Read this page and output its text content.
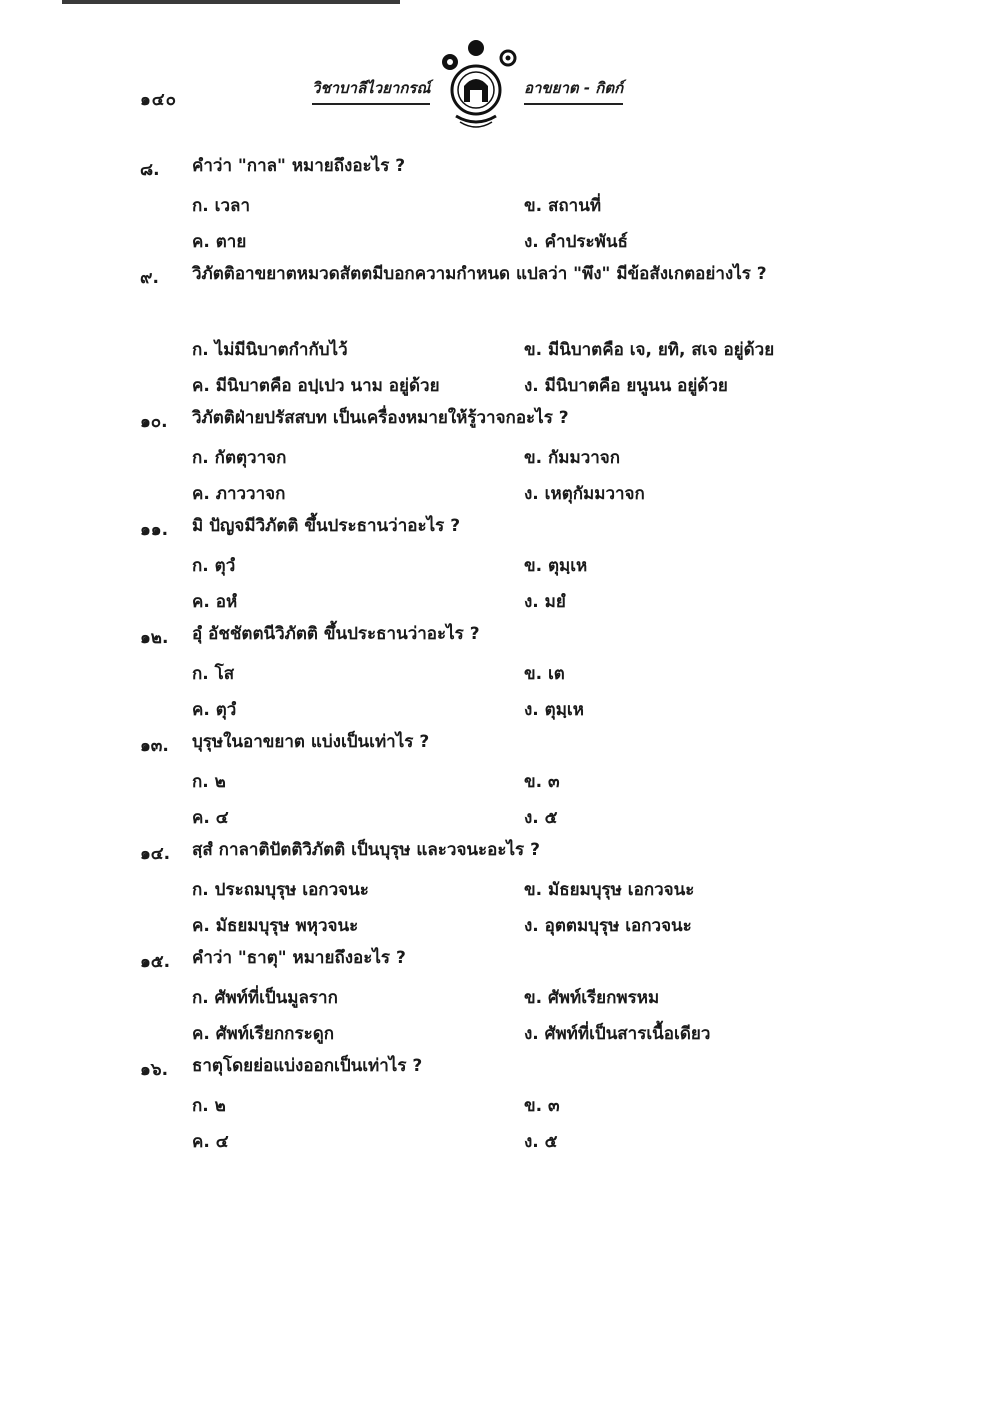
๑๔๐
วิชาบาลีไวยากรณ์	อาขยาต - กิตก์
๘. คำว่า "กาล" หมายถึงอะไร ?
ก. เวลา	ข. สถานที่
ค. ตาย	ง. คำประพันธ์
๙. วิภัตติอาขยาตหมวดสัตตมีบอกความกำหนด แปลว่า "พึง" มีข้อสังเกตอย่างไร ?
ก. ไม่มีนิบาตกำกับไว้	ข. มีนิบาตคือ เจ, ยทิ, สเจ อยู่ด้วย
ค. มีนิบาตคือ อปฺเปว นาม อยู่ด้วย	ง. มีนิบาตคือ ยนูนน อยู่ด้วย
๑๐. วิภัตติฝ่ายปรัสสบท เป็นเครื่องหมายให้รู้วาจกอะไร ?
ก. กัตตุวาจก	ข. กัมมวาจก
ค. ภาววาจก	ง. เหตุกัมมวาจก
๑๑. มิ ปัญจมีวิภัตติ ขึ้นประธานว่าอะไร ?
ก. ตุวํ	ข. ตุมฺเห
ค. อหํ	ง. มยํ
๑๒. อุํ อัชชัตตนีวิภัตติ ขึ้นประธานว่าอะไร ?
ก. โส	ข. เต
ค. ตุวํ	ง. ตุมฺเห
๑๓. บุรุษในอาขยาต แบ่งเป็นเท่าไร ?
ก. ๒	ข. ๓
ค. ๔	ง. ๕
๑๔. สฺสํ กาลาติปัตติวิภัตติ เป็นบุรุษ และวจนะอะไร ?
ก. ประถมบุรุษ เอกวจนะ	ข. มัธยมบุรุษ เอกวจนะ
ค. มัธยมบุรุษ พหุวจนะ	ง. อุตตมบุรุษ เอกวจนะ
๑๕. คำว่า "ธาตุ" หมายถึงอะไร ?
ก. ศัพท์ที่เป็นมูลราก	ข. ศัพท์เรียกพรหม
ค. ศัพท์เรียกกระดูก	ง. ศัพท์ที่เป็นสารเนื้อเดียว
๑๖. ธาตุโดยย่อแบ่งออกเป็นเท่าไร ?
ก. ๒	ข. ๓
ค. ๔	ง. ๕
